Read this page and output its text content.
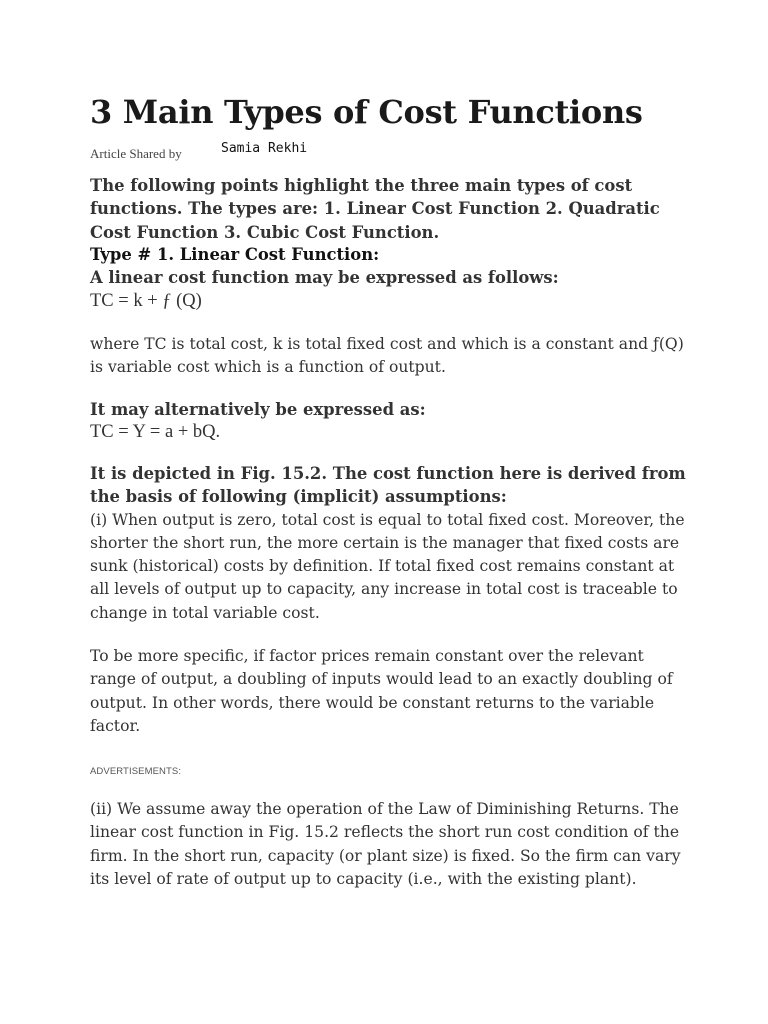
3 Main Types of Cost Functions
Article Shared by	Samia Rekhi

The following points highlight the three main types of cost functions. The types are: 1. Linear Cost Function 2. Quadratic Cost Function 3. Cubic Cost Function.

Type # 1. Linear Cost Function:

A linear cost function may be expressed as follows:

TC = k + ƒ (Q)

where TC is total cost, k is total fixed cost and which is a constant and ƒ(Q) is variable cost which is a function of output.

It may alternatively be expressed as:

TC = Y = a + bQ.

It is depicted in Fig. 15.2. The cost function here is derived from the basis of following (implicit) assumptions:

(i) When output is zero, total cost is equal to total fixed cost. Moreover, the shorter the short run, the more certain is the manager that fixed costs are sunk (historical) costs by definition. If total fixed cost remains constant at all levels of output up to capacity, any increase in total cost is traceable to change in total variable cost.

To be more specific, if factor prices remain constant over the relevant range of output, a doubling of inputs would lead to an exactly doubling of output. In other words, there would be constant returns to the variable factor.

ADVERTISEMENTS:

(ii) We assume away the operation of the Law of Diminishing Returns. The linear cost function in Fig. 15.2 reflects the short run cost condition of the firm. In the short run, capacity (or plant size) is fixed. So the firm can vary its level of rate of output up to capacity (i.e., with the existing plant).
